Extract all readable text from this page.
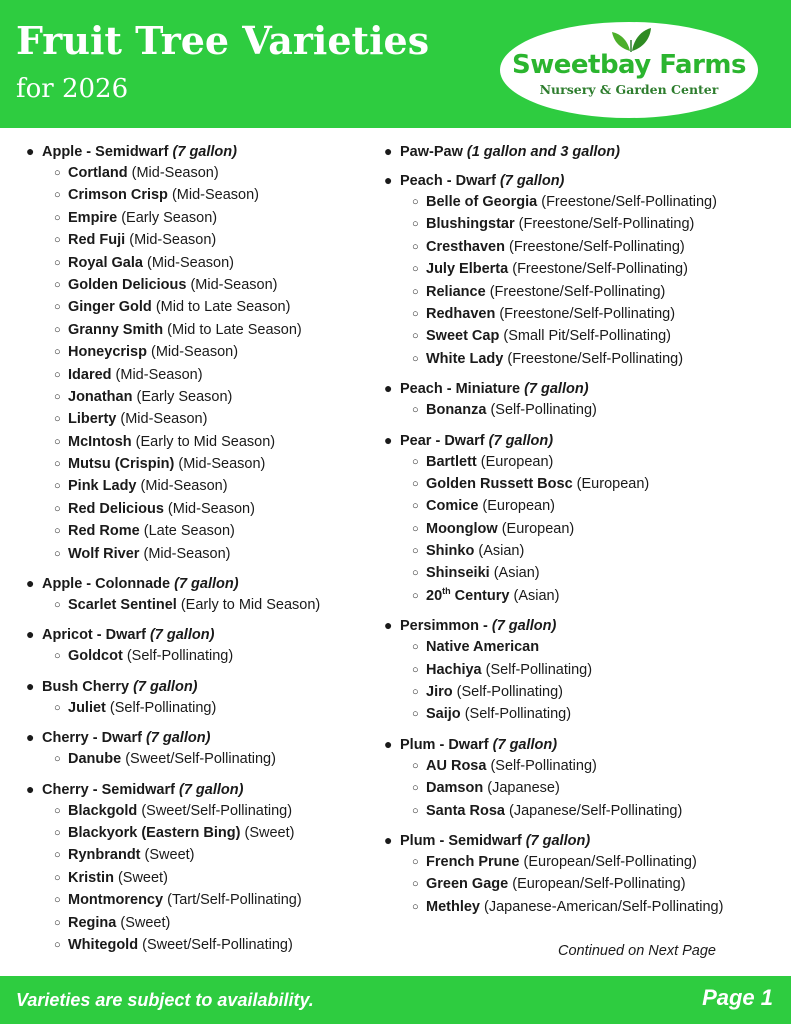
Fruit Tree Varieties
for 2026
Sweetbay Farms
Nursery & Garden Center
● Apple - Semidwarf (7 gallon)
○ Cortland (Mid-Season)
○ Crimson Crisp (Mid-Season)
○ Empire (Early Season)
○ Red Fuji (Mid-Season)
○ Royal Gala (Mid-Season)
○ Golden Delicious (Mid-Season)
○ Ginger Gold (Mid to Late Season)
○ Granny Smith (Mid to Late Season)
○ Honeycrisp (Mid-Season)
○ Idared (Mid-Season)
○ Jonathan (Early Season)
○ Liberty (Mid-Season)
○ McIntosh (Early to Mid Season)
○ Mutsu (Crispin) (Mid-Season)
○ Pink Lady (Mid-Season)
○ Red Delicious (Mid-Season)
○ Red Rome (Late Season)
○ Wolf River (Mid-Season)
● Apple - Colonnade (7 gallon)
○ Scarlet Sentinel (Early to Mid Season)
● Apricot - Dwarf (7 gallon)
○ Goldcot (Self-Pollinating)
● Bush Cherry (7 gallon)
○ Juliet (Self-Pollinating)
● Cherry - Dwarf (7 gallon)
○ Danube (Sweet/Self-Pollinating)
● Cherry - Semidwarf (7 gallon)
○ Blackgold (Sweet/Self-Pollinating)
○ Blackyork (Eastern Bing) (Sweet)
○ Rynbrandt (Sweet)
○ Kristin (Sweet)
○ Montmorency (Tart/Self-Pollinating)
○ Regina (Sweet)
○ Whitegold (Sweet/Self-Pollinating)
● Paw-Paw (1 gallon and 3 gallon)
● Peach - Dwarf (7 gallon)
○ Belle of Georgia (Freestone/Self-Pollinating)
○ Blushingstar (Freestone/Self-Pollinating)
○ Cresthaven (Freestone/Self-Pollinating)
○ July Elberta (Freestone/Self-Pollinating)
○ Reliance (Freestone/Self-Pollinating)
○ Redhaven (Freestone/Self-Pollinating)
○ Sweet Cap (Small Pit/Self-Pollinating)
○ White Lady (Freestone/Self-Pollinating)
● Peach - Miniature (7 gallon)
○ Bonanza (Self-Pollinating)
● Pear - Dwarf (7 gallon)
○ Bartlett (European)
○ Golden Russett Bosc (European)
○ Comice (European)
○ Moonglow (European)
○ Shinko (Asian)
○ Shinseiki (Asian)
○ 20th Century (Asian)
● Persimmon - (7 gallon)
○ Native American
○ Hachiya (Self-Pollinating)
○ Jiro (Self-Pollinating)
○ Saijo (Self-Pollinating)
● Plum - Dwarf (7 gallon)
○ AU Rosa (Self-Pollinating)
○ Damson (Japanese)
○ Santa Rosa (Japanese/Self-Pollinating)
● Plum - Semidwarf (7 gallon)
○ French Prune (European/Self-Pollinating)
○ Green Gage (European/Self-Pollinating)
○ Methley (Japanese-American/Self-Pollinating)
Continued on Next Page
Varieties are subject to availability.	Page 1
